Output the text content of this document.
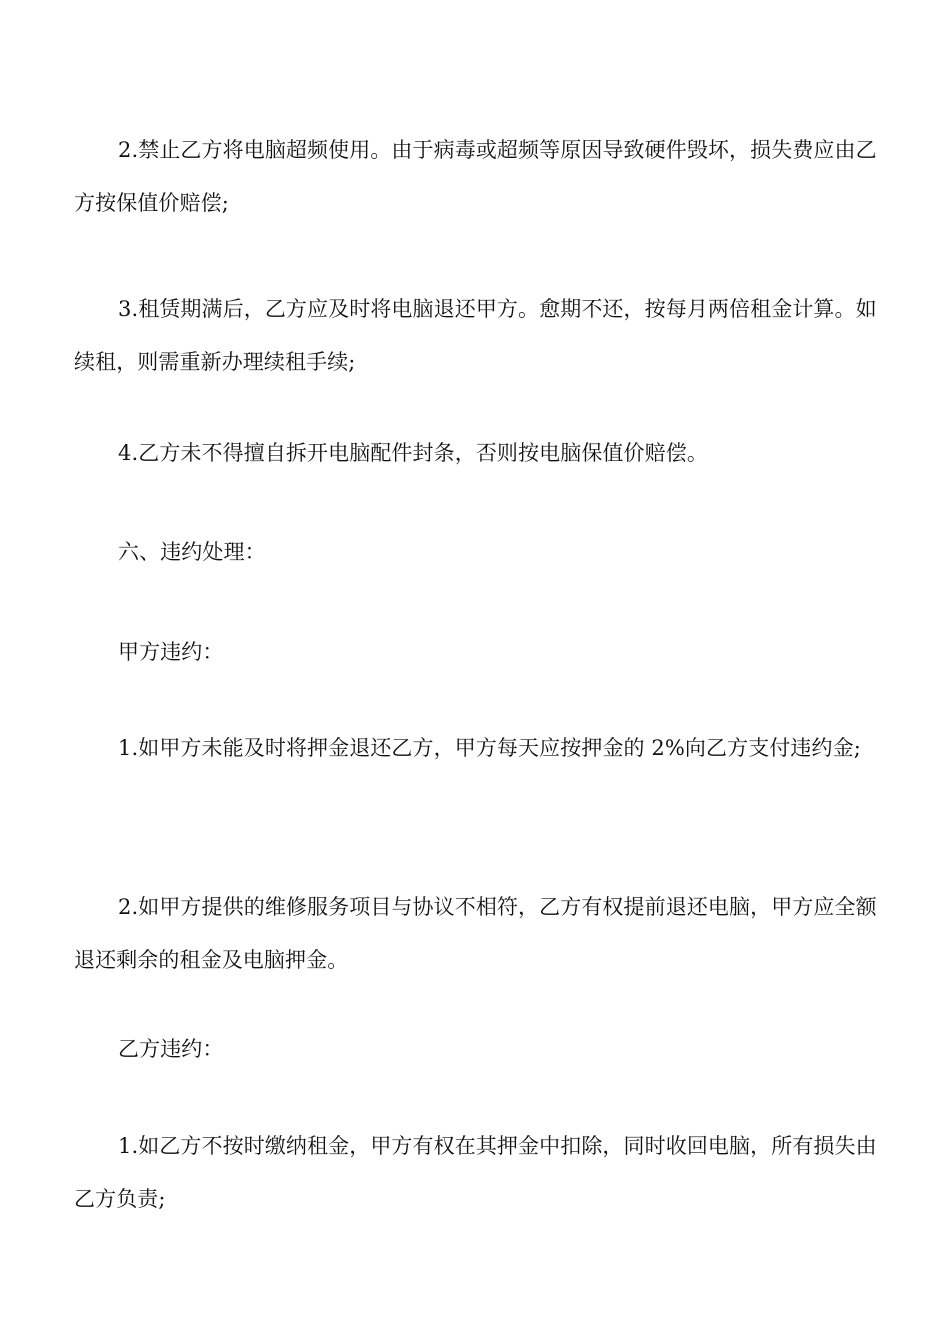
2.禁止乙方将电脑超频使用。由于病毒或超频等原因导致硬件毁坏，损失费应由乙方按保值价赔偿;

3.租赁期满后，乙方应及时将电脑退还甲方。愈期不还，按每月两倍租金计算。如续租，则需重新办理续租手续;

4.乙方未不得擅自拆开电脑配件封条，否则按电脑保值价赔偿。

六、违约处理：

甲方违约：

1.如甲方未能及时将押金退还乙方，甲方每天应按押金的 2%向乙方支付违约金;

2.如甲方提供的维修服务项目与协议不相符，乙方有权提前退还电脑，甲方应全额退还剩余的租金及电脑押金。

乙方违约：

1.如乙方不按时缴纳租金，甲方有权在其押金中扣除，同时收回电脑，所有损失由乙方负责;
